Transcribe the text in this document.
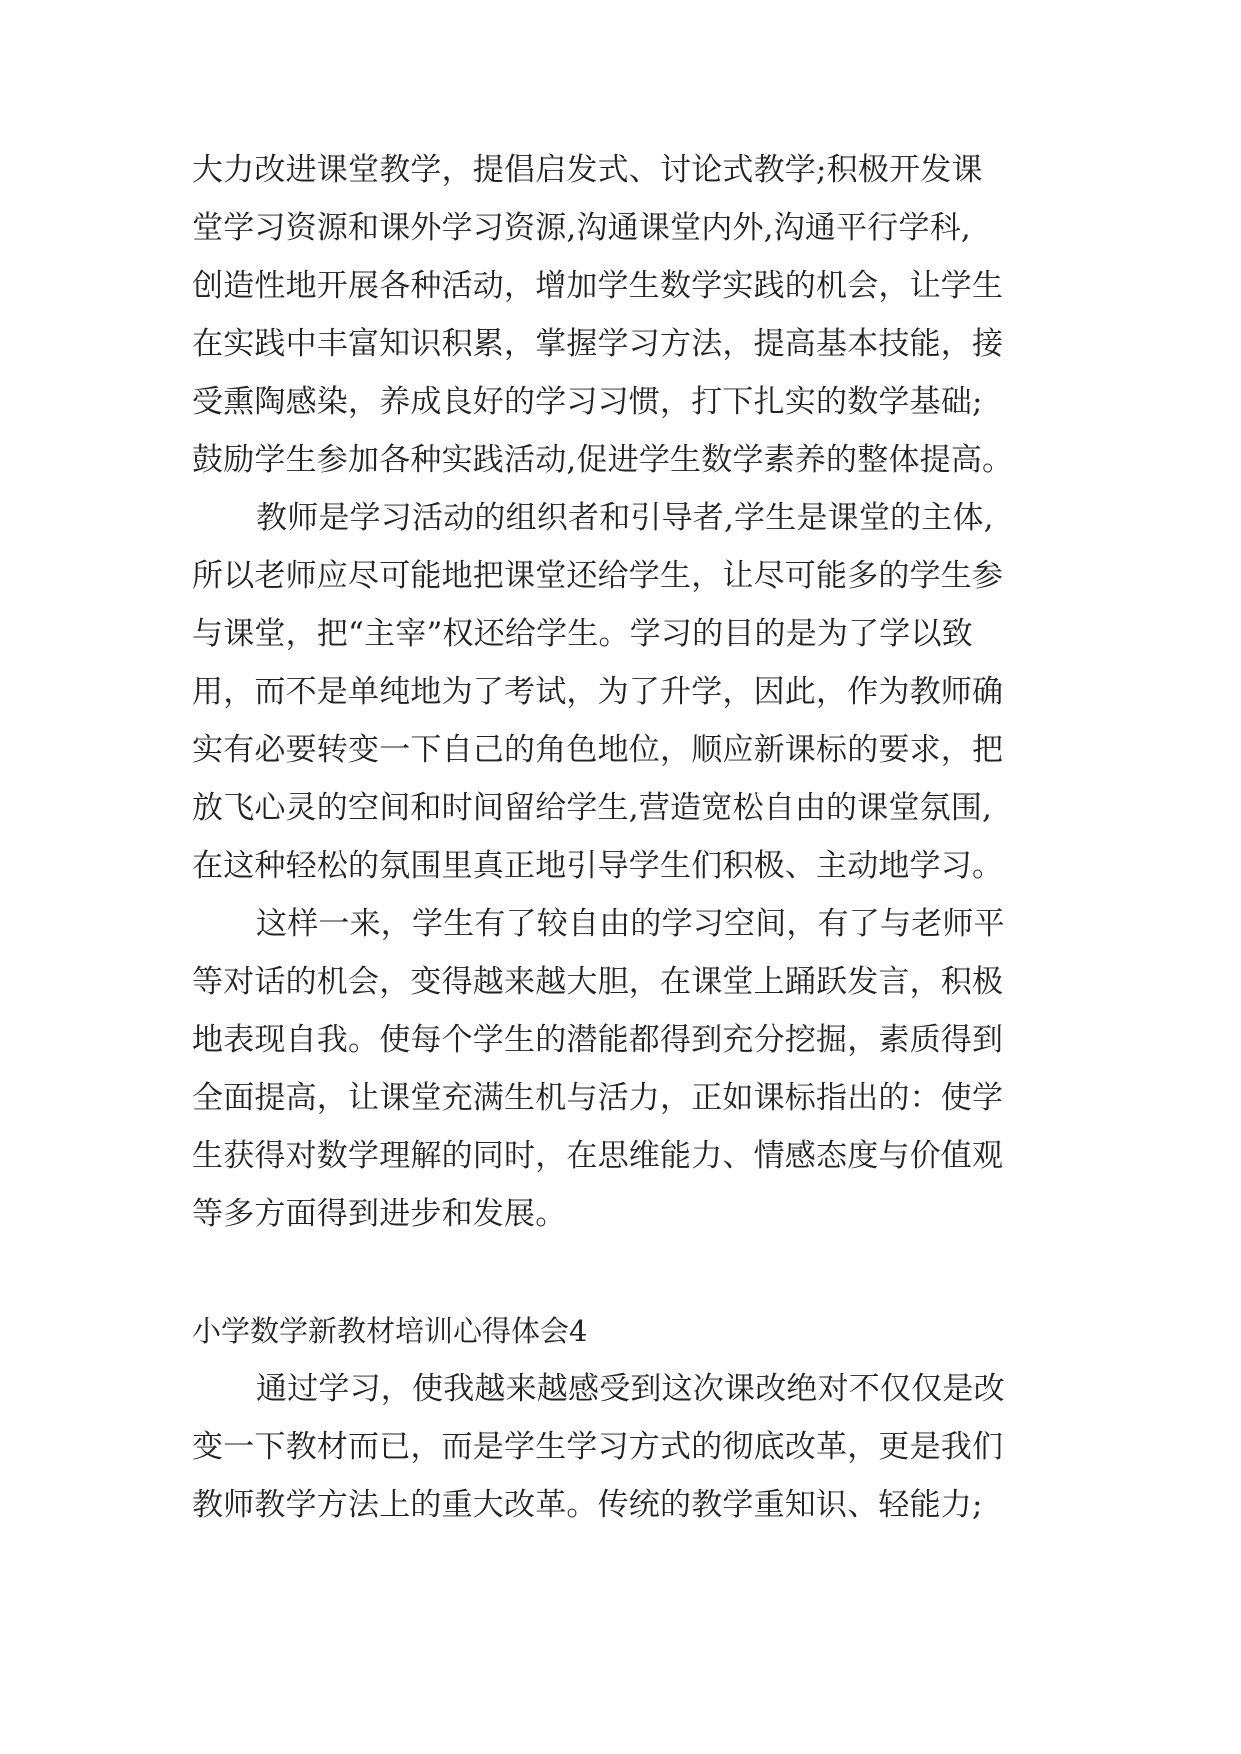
大力改进课堂教学，提倡启发式、讨论式教学;积极开发课
堂学习资源和课外学习资源,沟通课堂内外,沟通平行学科,
创造性地开展各种活动，增加学生数学实践的机会，让学生
在实践中丰富知识积累，掌握学习方法，提高基本技能，接
受熏陶感染，养成良好的学习习惯，打下扎实的数学基础;
鼓励学生参加各种实践活动,促进学生数学素养的整体提高。
教师是学习活动的组织者和引导者,学生是课堂的主体,
所以老师应尽可能地把课堂还给学生，让尽可能多的学生参
与课堂，把“主宰”权还给学生。学习的目的是为了学以致
用，而不是单纯地为了考试，为了升学，因此，作为教师确
实有必要转变一下自己的角色地位，顺应新课标的要求，把
放飞心灵的空间和时间留给学生,营造宽松自由的课堂氛围,
在这种轻松的氛围里真正地引导学生们积极、主动地学习。
这样一来，学生有了较自由的学习空间，有了与老师平
等对话的机会，变得越来越大胆，在课堂上踊跃发言，积极
地表现自我。使每个学生的潜能都得到充分挖掘，素质得到
全面提高，让课堂充满生机与活力，正如课标指出的：使学
生获得对数学理解的同时，在思维能力、情感态度与价值观
等多方面得到进步和发展。
小学数学新教材培训心得体会4
通过学习，使我越来越感受到这次课改绝对不仅仅是改
变一下教材而已，而是学生学习方式的彻底改革，更是我们
教师教学方法上的重大改革。传统的教学重知识、轻能力;
